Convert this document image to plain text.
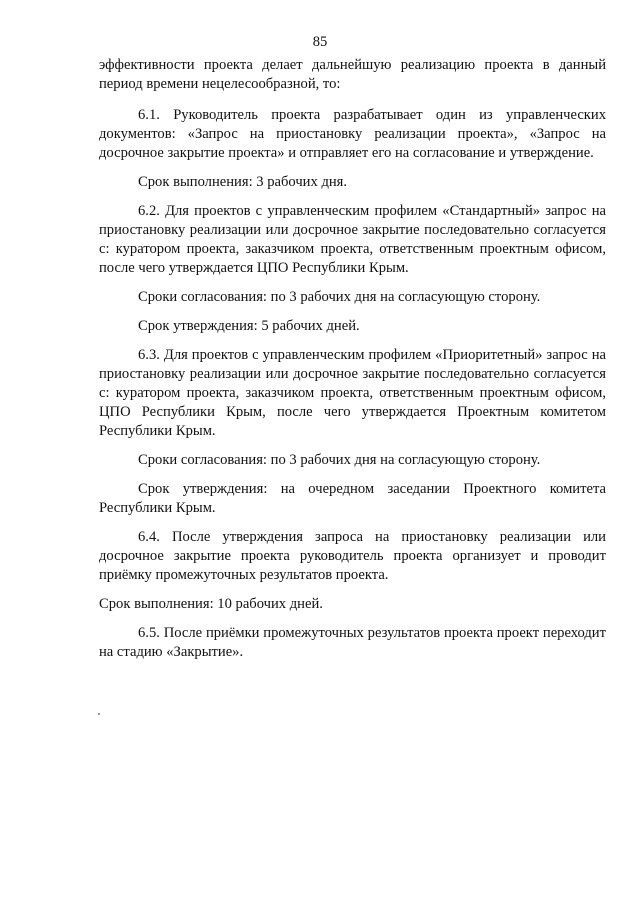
85

эффективности проекта делает дальнейшую реализацию проекта в данный период времени нецелесообразной, то:

6.1. Руководитель проекта разрабатывает один из управленческих документов: «Запрос на приостановку реализации проекта», «Запрос на досрочное закрытие проекта» и отправляет его на согласование и утверждение.

Срок выполнения: 3 рабочих дня.

6.2. Для проектов с управленческим профилем «Стандартный» запрос на приостановку реализации или досрочное закрытие последовательно согласуется с: куратором проекта, заказчиком проекта, ответственным проектным офисом, после чего утверждается ЦПО Республики Крым.

Сроки согласования: по 3 рабочих дня на согласующую сторону.

Срок утверждения: 5 рабочих дней.

6.3. Для проектов с управленческим профилем «Приоритетный» запрос на приостановку реализации или досрочное закрытие последовательно согласуется с: куратором проекта, заказчиком проекта, ответственным проектным офисом, ЦПО Республики Крым, после чего утверждается Проектным комитетом Республики Крым.

Сроки согласования: по 3 рабочих дня на согласующую сторону.

Срок утверждения: на очередном заседании Проектного комитета Республики Крым.

6.4. После утверждения запроса на приостановку реализации или досрочное закрытие проекта руководитель проекта организует и проводит приёмку промежуточных результатов проекта.

Срок выполнения: 10 рабочих дней.

6.5. После приёмки промежуточных результатов проекта проект переходит на стадию «Закрытие».
